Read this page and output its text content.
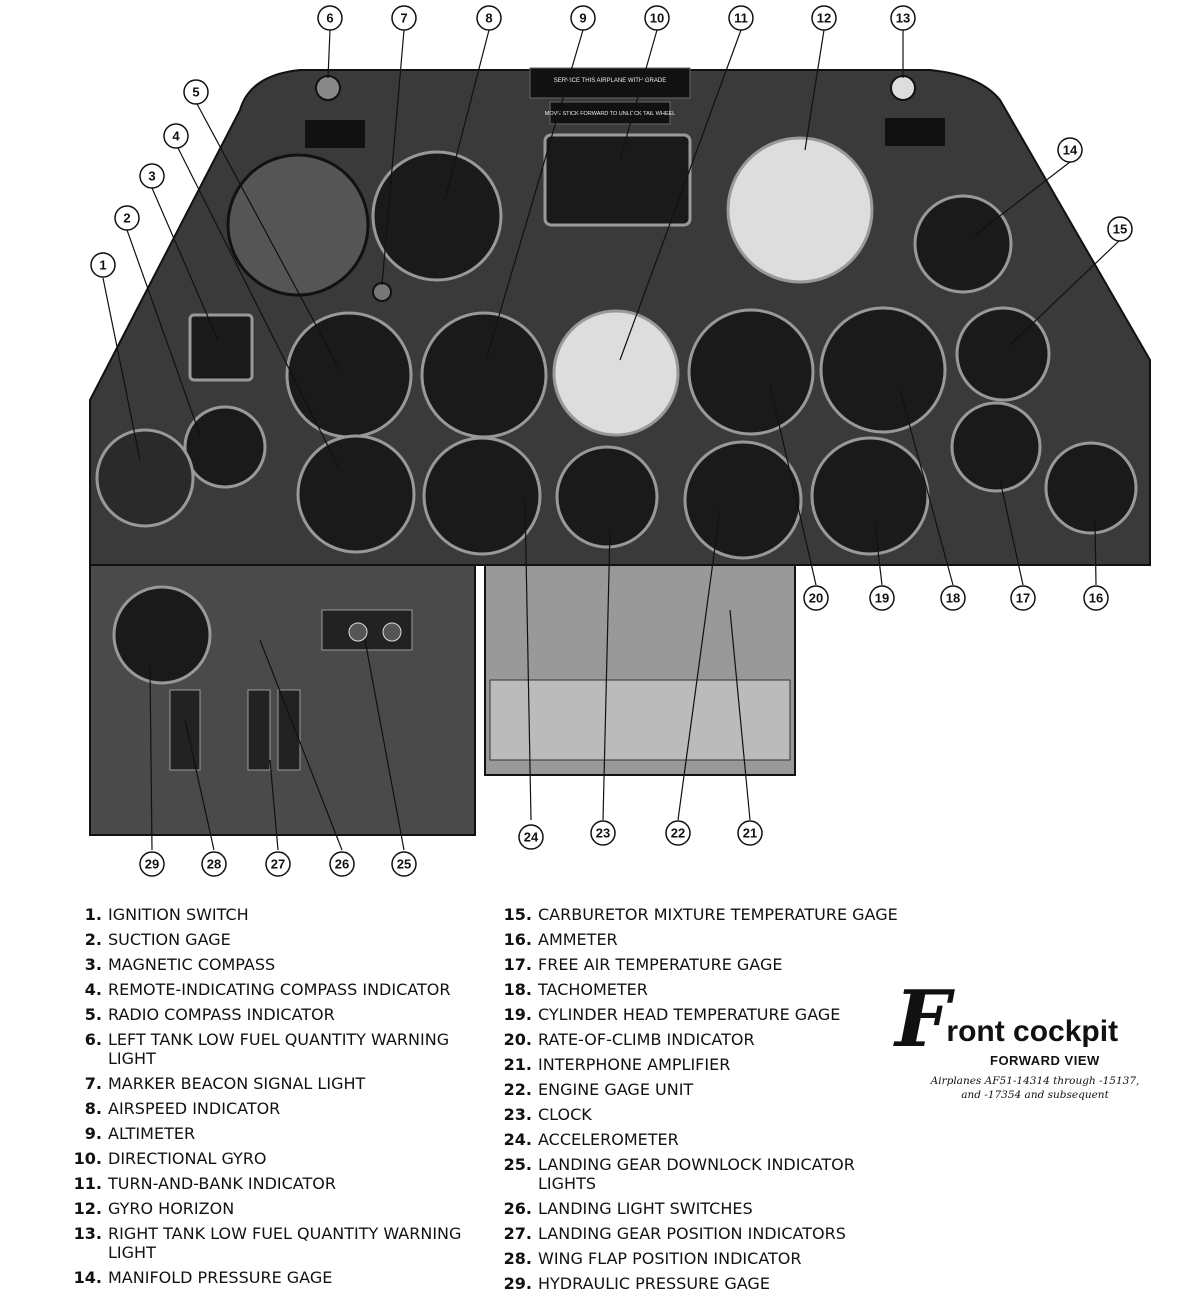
SERVICE THIS AIRPLANE WITH GRADE
MOVE STICK FORWARD TO UNLOCK TAIL WHEEL
1
2
3
4
5
6	7	8	9	10	11	12	13
14
15
16
17
18
19
20
21
22
23
24
25
26
27
28
29
1. IGNITION SWITCH
2. SUCTION GAGE
3. MAGNETIC COMPASS
4. REMOTE-INDICATING COMPASS INDICATOR
5. RADIO COMPASS INDICATOR
6. LEFT TANK LOW FUEL QUANTITY WARNING LIGHT
7. MARKER BEACON SIGNAL LIGHT
8. AIRSPEED INDICATOR
9. ALTIMETER
10. DIRECTIONAL GYRO
11. TURN-AND-BANK INDICATOR
12. GYRO HORIZON
13. RIGHT TANK LOW FUEL QUANTITY WARNING LIGHT
14. MANIFOLD PRESSURE GAGE
15. CARBURETOR MIXTURE TEMPERATURE GAGE
16. AMMETER
17. FREE AIR TEMPERATURE GAGE
18. TACHOMETER
19. CYLINDER HEAD TEMPERATURE GAGE
20. RATE-OF-CLIMB INDICATOR
21. INTERPHONE AMPLIFIER
22. ENGINE GAGE UNIT
23. CLOCK
24. ACCELEROMETER
25. LANDING GEAR DOWNLOCK INDICATOR LIGHTS
26. LANDING LIGHT SWITCHES
27. LANDING GEAR POSITION INDICATORS
28. WING FLAP POSITION INDICATOR
29. HYDRAULIC PRESSURE GAGE
F
ront cockpit
FORWARD VIEW
Airplanes AF51-14314 through -15137,
and -17354 and subsequent
